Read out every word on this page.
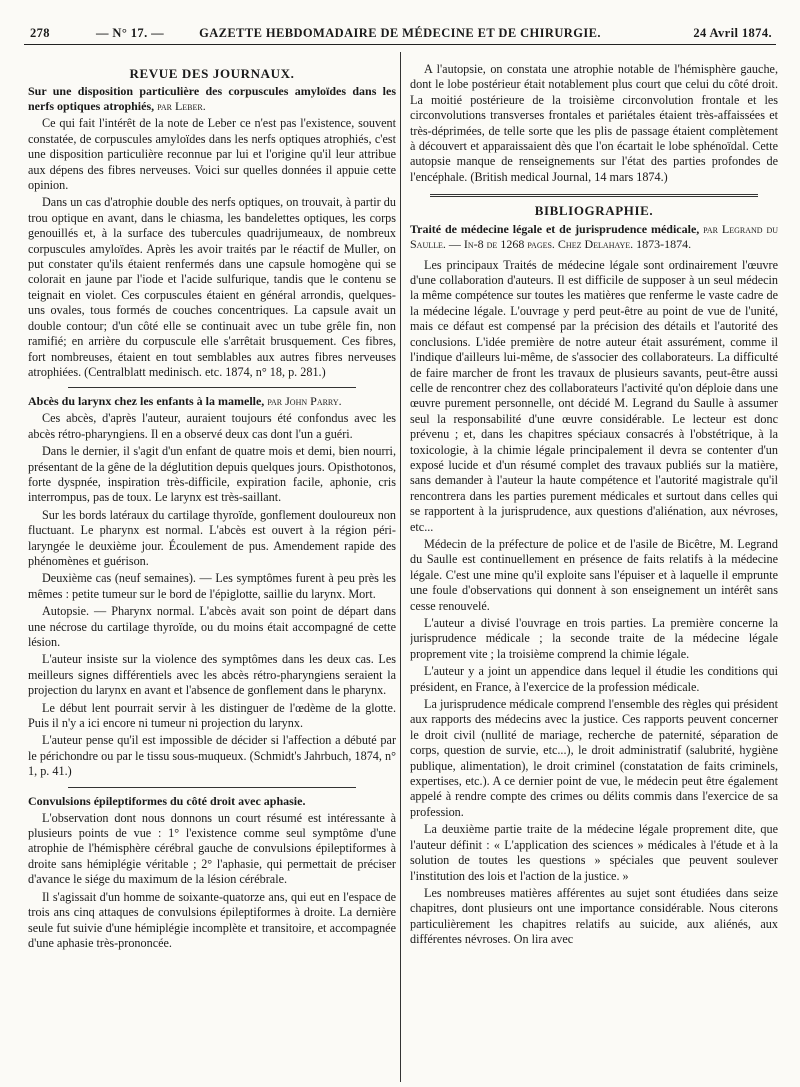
278	— N° 17. —	GAZETTE HEBDOMADAIRE DE MÉDECINE ET DE CHIRURGIE.	24 Avril 1874.
REVUE DES JOURNAUX.
Sur une disposition particulière des corpuscules amyloïdes dans les nerfs optiques atrophiés, par Leber.

Ce qui fait l'intérêt de la note de Leber ce n'est pas l'existence, souvent constatée, de corpuscules amyloïdes dans les nerfs optiques atrophiés, c'est une disposition particulière reconnue par lui et l'origine qu'il leur attribue aux dépens des fibres nerveuses. Voici sur quelles données il appuie cette opinion.

Dans un cas d'atrophie double des nerfs optiques, on trouvait, à partir du trou optique en avant, dans le chiasma, les bandelettes optiques, les corps genouillés et, à la surface des tubercules quadrijumeaux, de nombreux corpuscules amyloïdes. Après les avoir traités par le réactif de Muller, on put constater qu'ils étaient renfermés dans une capsule homogène qui se colorait en jaune par l'iode et l'acide sulfurique, tandis que le contenu se teignait en violet. Ces corpuscules étaient en général arrondis, quelques-uns ovales, tous formés de couches concentriques. La capsule avait un double contour; d'un côté elle se continuait avec un tube grêle fin, non ramifié; en arrière du corpuscule elle s'arrêtait brusquement. Ces fibres, fort nombreuses, étaient en tout semblables aux autres fibres nerveuses atrophiées. (Centralblatt medinisch. etc. 1874, n° 18, p. 281.)

Abcès du larynx chez les enfants à la mamelle, par John Parry.

Ces abcès, d'après l'auteur, auraient toujours été confondus avec les abcès rétro-pharyngiens. Il en a observé deux cas dont l'un a guéri.

Dans le dernier, il s'agit d'un enfant de quatre mois et demi, bien nourri, présentant de la gêne de la déglutition depuis quelques jours. Opisthotonos, forte dyspnée, inspiration très-difficile, expiration facile, aphonie, cris interrompus, pas de toux. Le larynx est très-saillant.

Sur les bords latéraux du cartilage thyroïde, gonflement douloureux non fluctuant. Le pharynx est normal. L'abcès est ouvert à la région péri-laryngée le deuxième jour. Écoulement de pus. Amendement rapide des phénomènes et guérison.

Deuxième cas (neuf semaines). — Les symptômes furent à peu près les mêmes : petite tumeur sur le bord de l'épiglotte, saillie du larynx. Mort.

Autopsie. — Pharynx normal. L'abcès avait son point de départ dans une nécrose du cartilage thyroïde, ou du moins était accompagné de cette lésion.

L'auteur insiste sur la violence des symptômes dans les deux cas. Les meilleurs signes différentiels avec les abcès rétro-pharyngiens seraient la projection du larynx en avant et l'absence de gonflement dans le pharynx.

Le début lent pourrait servir à les distinguer de l'œdème de la glotte. Puis il n'y a ici encore ni tumeur ni projection du larynx.

L'auteur pense qu'il est impossible de décider si l'affection a débuté par le périchondre ou par le tissu sous-muqueux. (Schmidt's Jahrbuch, 1874, n° 1, p. 41.)

Convulsions épileptiformes du côté droit avec aphasie.

L'observation dont nous donnons un court résumé est intéressante à plusieurs points de vue : 1° l'existence comme seul symptôme d'une atrophie de l'hémisphère cérébral gauche de convulsions épileptiformes à droite sans hémiplégie véritable ; 2° l'aphasie, qui permettait de préciser d'avance le siége du maximum de la lésion cérébrale.

Il s'agissait d'un homme de soixante-quatorze ans, qui eut en l'espace de trois ans cinq attaques de convulsions épileptiformes à droite. La dernière seule fut suivie d'une hémiplégie incomplète et transitoire, et accompagnée d'une aphasie très-prononcée.

A l'autopsie, on constata une atrophie notable de l'hémisphère gauche, dont le lobe postérieur était notablement plus court que celui du côté droit. La moitié postérieure de la troisième circonvolution frontale et les circonvolutions transverses frontales et pariétales étaient très-affaissées et très-déprimées, de telle sorte que les plis de passage étaient complètement à découvert et apparaissaient dès que l'on écartait le lobe sphénoïdal. Cette autopsie manque de renseignements sur l'état des parties profondes de l'encéphale. (British medical Journal, 14 mars 1874.)

BIBLIOGRAPHIE.
Traité de médecine légale et de jurisprudence médicale, par Legrand du Saulle. — In-8 de 1268 pages. Chez Delahaye. 1873-1874.

Les principaux Traités de médecine légale sont ordinairement l'œuvre d'une collaboration d'auteurs. Il est difficile de supposer à un seul médecin la même compétence sur toutes les matières que renferme le vaste cadre de la médecine légale. L'ouvrage y perd peut-être au point de vue de l'unité, mais ce défaut est compensé par la précision des détails et l'autorité des conclusions. L'idée première de notre auteur était assurément, comme il l'indique d'ailleurs lui-même, de s'associer des collaborateurs. La difficulté de faire marcher de front les travaux de plusieurs savants, peut-être aussi celle de rencontrer chez des collaborateurs l'activité qu'on déploie dans une œuvre purement personnelle, ont décidé M. Legrand du Saulle à assumer seul la responsabilité d'une œuvre considérable. Le lecteur est donc prévenu ; et, dans les chapitres spéciaux consacrés à l'obstétrique, à la toxicologie, à la chimie légale principalement il devra se contenter d'un exposé lucide et d'un résumé complet des travaux publiés sur la matière, sans demander à l'auteur la haute compétence et l'autorité magistrale qu'il rencontrera dans les parties purement médicales et surtout dans celles qui se rapportent à la jurisprudence, aux questions d'aliénation, aux névroses, etc...

Médecin de la préfecture de police et de l'asile de Bicêtre, M. Legrand du Saulle est continuellement en présence de faits relatifs à la médecine légale. C'est une mine qu'il exploite sans l'épuiser et à laquelle il emprunte une foule d'observations qui donnent à son enseignement un intérêt sans cesse renouvelé.

L'auteur a divisé l'ouvrage en trois parties. La première concerne la jurisprudence médicale ; la seconde traite de la médecine légale proprement vite ; la troisième comprend la chimie légale.

L'auteur y a joint un appendice dans lequel il étudie les conditions qui président, en France, à l'exercice de la profession médicale.

La jurisprudence médicale comprend l'ensemble des règles qui président aux rapports des médecins avec la justice. Ces rapports peuvent concerner le droit civil (nullité de mariage, recherche de paternité, séparation de corps, question de survie, etc...), le droit administratif (salubrité, hygiène publique, alimentation), le droit criminel (constatation de faits criminels, expertises, etc.). A ce dernier point de vue, le médecin peut être également appelé à rendre compte des crimes ou délits commis dans l'exercice de sa profession.

La deuxième partie traite de la médecine légale proprement dite, que l'auteur définit : « L'application des sciences » médicales à l'étude et à la solution de toutes les questions » spéciales que peuvent soulever l'institution des lois et l'action de la justice. »

Les nombreuses matières afférentes au sujet sont étudiées dans seize chapitres, dont plusieurs ont une importance considérable. Nous citerons particulièrement les chapitres relatifs au suicide, aux aliénés, aux différentes névroses. On lira avec
